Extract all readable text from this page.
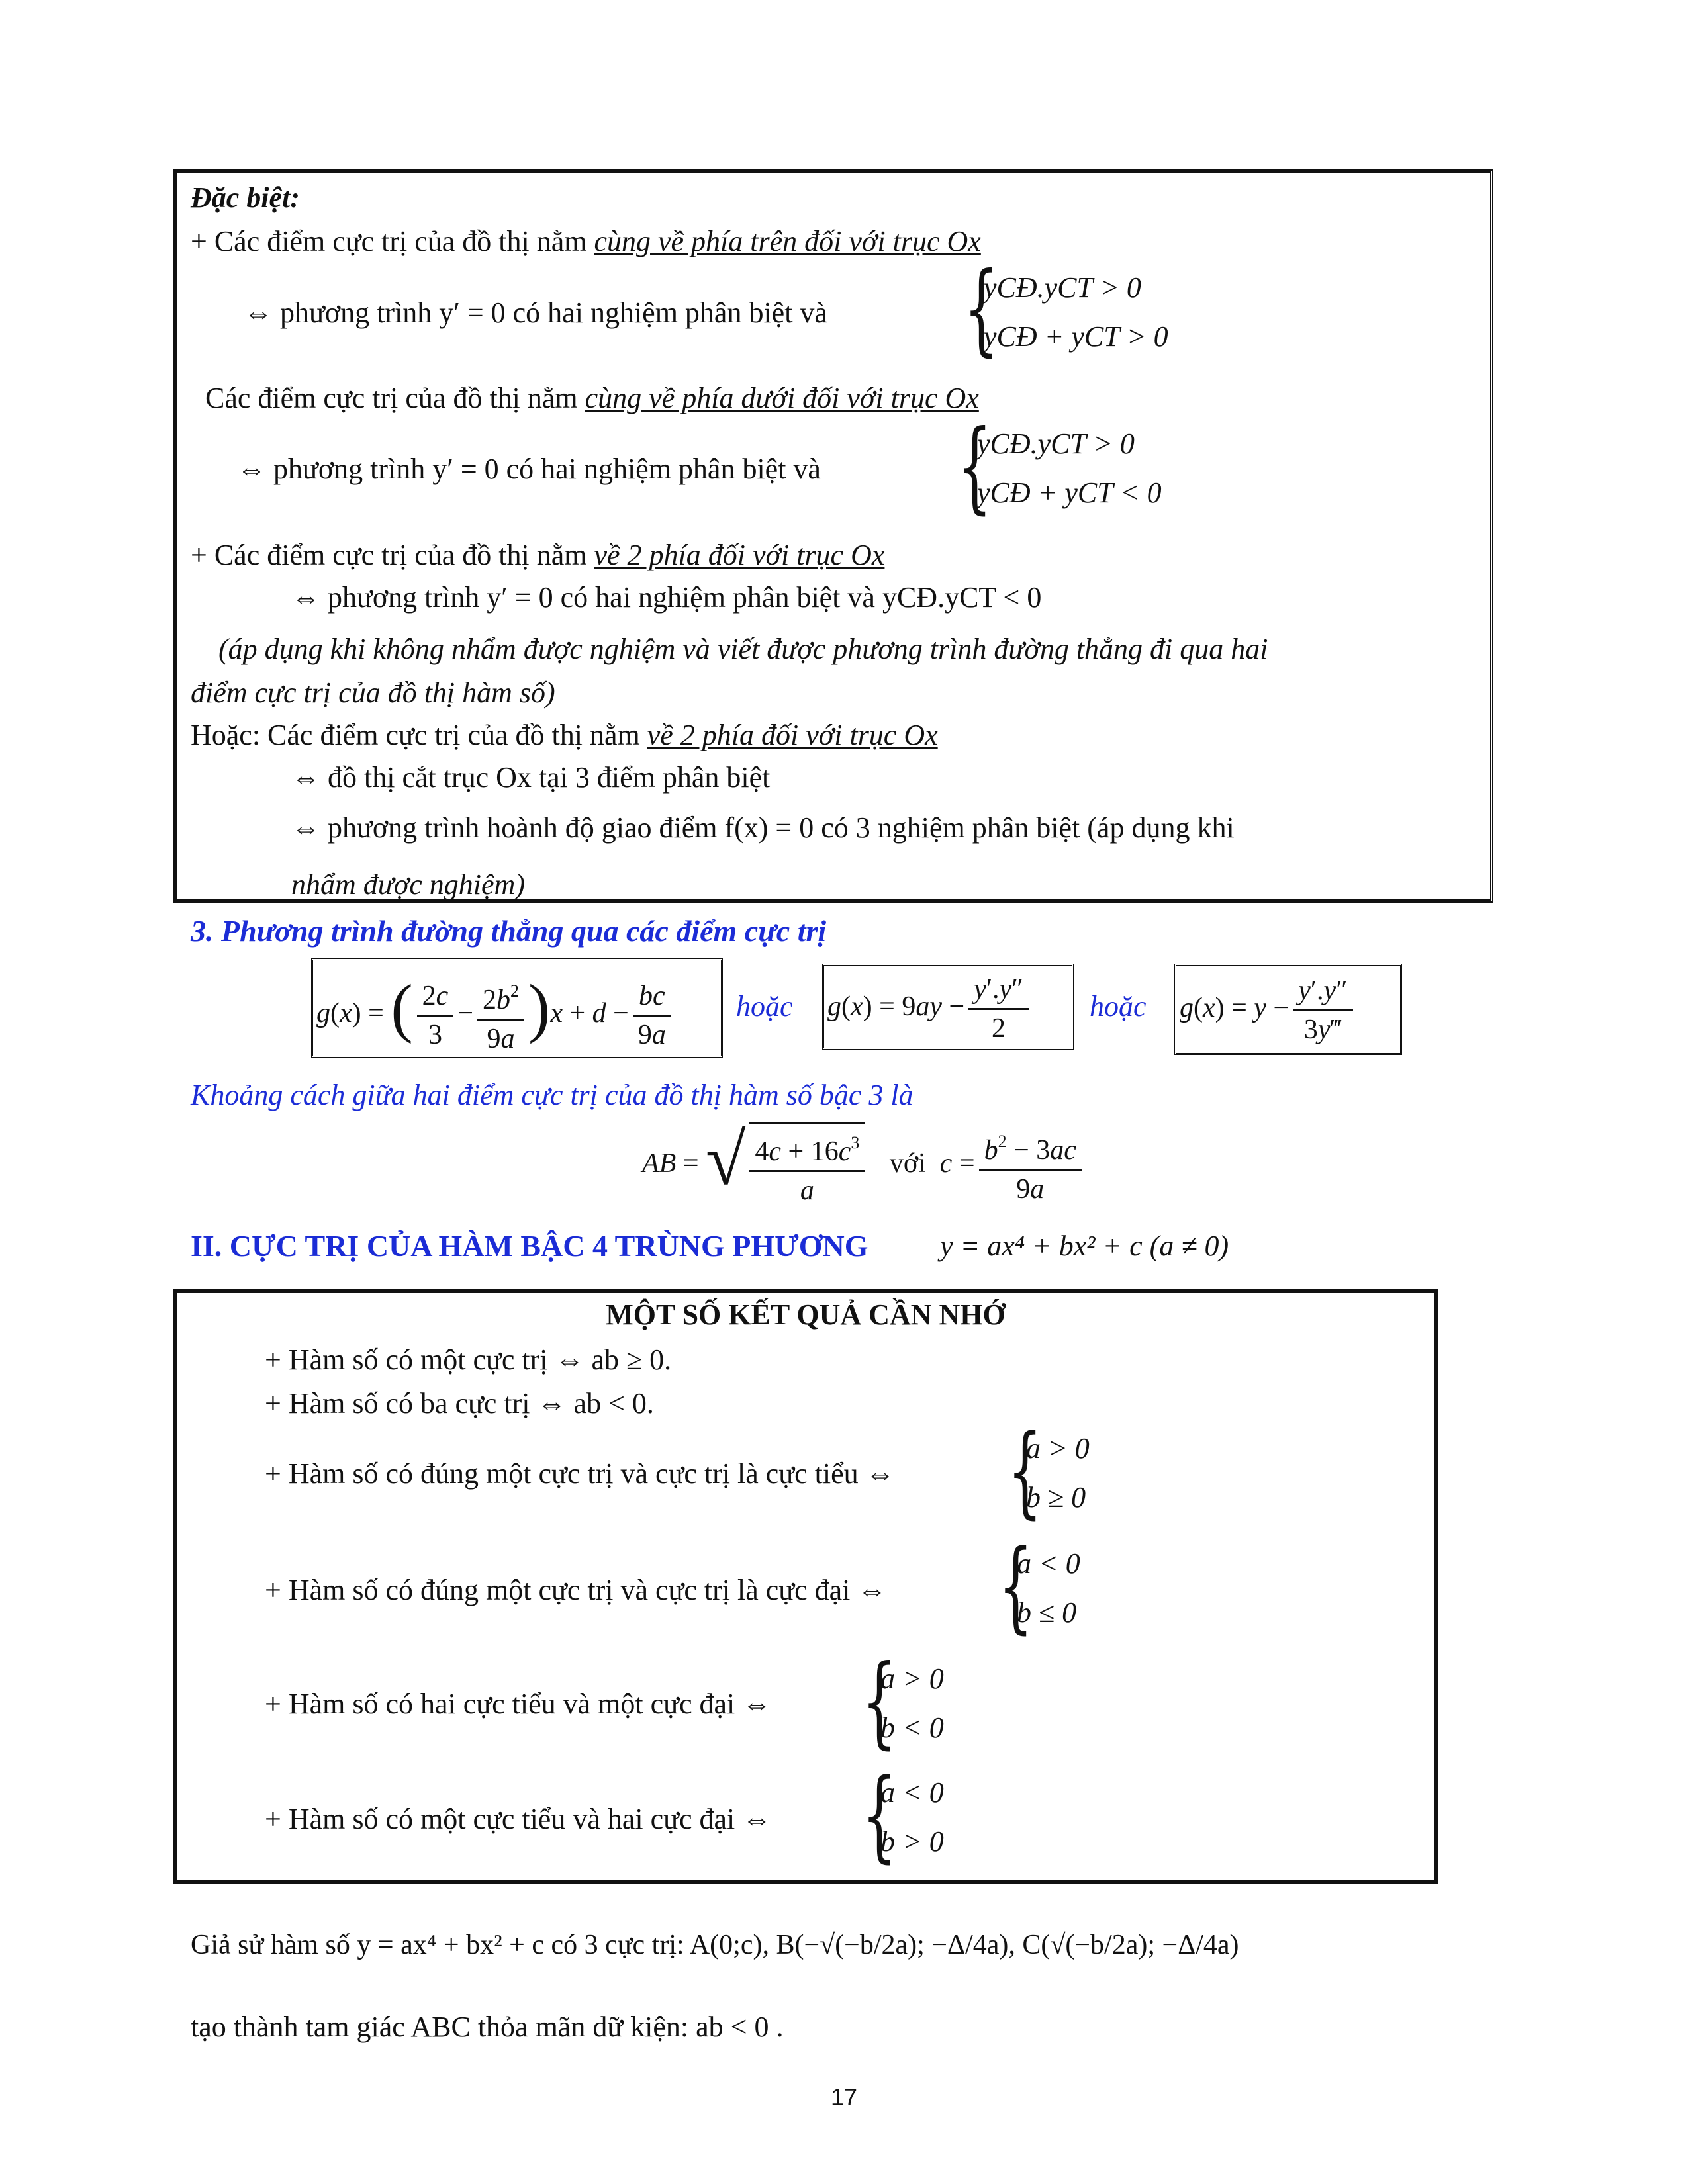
Đặc biệt:
+ Các điểm cực trị của đồ thị nằm cùng về phía trên đối với trục Ox
⇔ phương trình y′ = 0 có hai nghiệm phân biệt và {
yCĐ.yCT > 0
yCĐ + yCT > 0
Các điểm cực trị của đồ thị nằm cùng về phía dưới đối với trục Ox
⇔ phương trình y′ = 0 có hai nghiệm phân biệt và {
yCĐ.yCT > 0
yCĐ + yCT < 0
+ Các điểm cực trị của đồ thị nằm về 2 phía đối với trục Ox
⇔ phương trình y′ = 0 có hai nghiệm phân biệt và yCĐ.yCT < 0
(áp dụng khi không nhẩm được nghiệm và viết được phương trình đường thẳng đi qua hai
điểm cực trị của đồ thị hàm số)
Hoặc: Các điểm cực trị của đồ thị nằm về 2 phía đối với trục Ox
⇔ đồ thị cắt trục Ox tại 3 điểm phân biệt
⇔ phương trình hoành độ giao điểm f(x) = 0 có 3 nghiệm phân biệt (áp dụng khi
nhẩm được nghiệm)
3. Phương trình đường thẳng qua các điểm cực trị
g(x) = ( $\frac{2c}{3} - \frac{2b^2}{9a} )x + d - \frac{bc}{9a}$ hoặc $g(x) = 9ay - \frac{y'.y''}{2}$ hoặc $g(x) = y - \frac{y'.y''}{3y‴}$
Khoảng cách giữa hai điểm cực trị của đồ thị hàm số bậc 3 là
AB = √ $\frac{4c + 16c^3}{a}$ với  $c = \frac{b^2 - 3ac}{9a}$
II. CỰC TRỊ CỦA HÀM BẬC 4 TRÙNG PHƯƠNG y = ax⁴ + bx² + c (a ≠ 0)
MỘT SỐ KẾT QUẢ CẦN NHỚ
+ Hàm số có một cực trị ⇔ ab ≥ 0.
+ Hàm số có ba cực trị ⇔ ab < 0.
+ Hàm số có đúng một cực trị và cực trị là cực tiểu ⇔ {
a > 0
b ≥ 0
+ Hàm số có đúng một cực trị và cực trị là cực đại ⇔ {
a < 0
b ≤ 0
+ Hàm số có hai cực tiểu và một cực đại ⇔ {
a > 0
b < 0
+ Hàm số có một cực tiểu và hai cực đại ⇔ {
a < 0
b > 0
Giả sử hàm số y = ax⁴ + bx² + c có 3 cực trị: A(0;c), B(−√(−b/2a); −Δ/4a), C(√(−b/2a); −Δ/4a)
tạo thành tam giác ABC thỏa mãn dữ kiện: ab < 0 .
17
